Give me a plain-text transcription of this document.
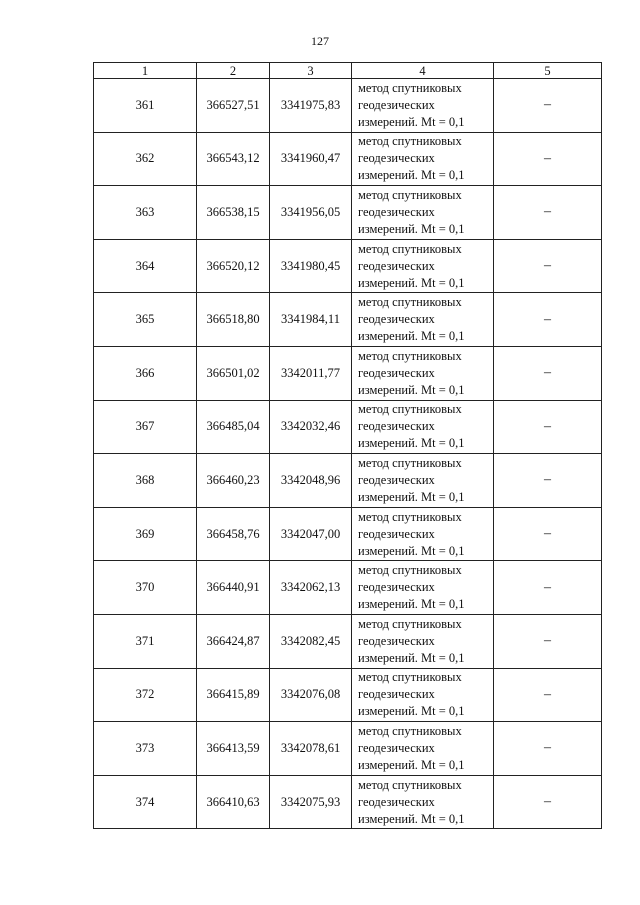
127
1	2	3	4	5
361	366527,51	3341975,83	метод спутниковых
геодезических
измерений. Mt = 0,1	–
362	366543,12	3341960,47	метод спутниковых
геодезических
измерений. Mt = 0,1	–
363	366538,15	3341956,05	метод спутниковых
геодезических
измерений. Mt = 0,1	–
364	366520,12	3341980,45	метод спутниковых
геодезических
измерений. Mt = 0,1	–
365	366518,80	3341984,11	метод спутниковых
геодезических
измерений. Mt = 0,1	–
366	366501,02	3342011,77	метод спутниковых
геодезических
измерений. Mt = 0,1	–
367	366485,04	3342032,46	метод спутниковых
геодезических
измерений. Mt = 0,1	–
368	366460,23	3342048,96	метод спутниковых
геодезических
измерений. Mt = 0,1	–
369	366458,76	3342047,00	метод спутниковых
геодезических
измерений. Mt = 0,1	–
370	366440,91	3342062,13	метод спутниковых
геодезических
измерений. Mt = 0,1	–
371	366424,87	3342082,45	метод спутниковых
геодезических
измерений. Mt = 0,1	–
372	366415,89	3342076,08	метод спутниковых
геодезических
измерений. Mt = 0,1	–
373	366413,59	3342078,61	метод спутниковых
геодезических
измерений. Mt = 0,1	–
374	366410,63	3342075,93	метод спутниковых
геодезических
измерений. Mt = 0,1	–
